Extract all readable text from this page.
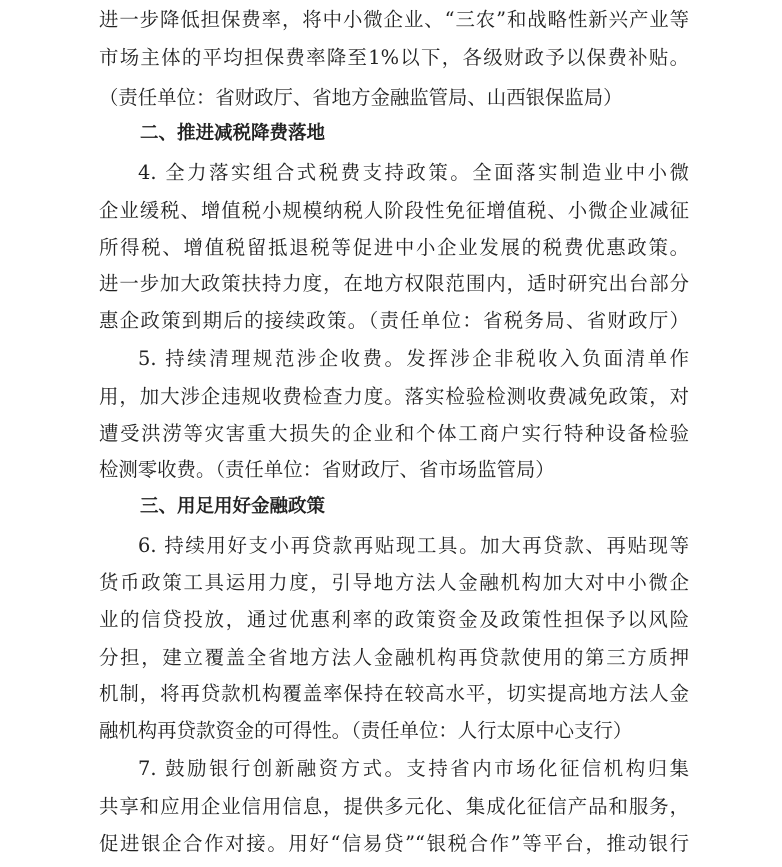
进一步降低担保费率，将中小微企业、“三农”和战略性新兴产业等
市场主体的平均担保费率降至1%以下，各级财政予以保费补贴。
（责任单位：省财政厅、省地方金融监管局、山西银保监局）
二、推进减税降费落地
4. 全力落实组合式税费支持政策。全面落实制造业中小微
企业缓税、增值税小规模纳税人阶段性免征增值税、小微企业减征
所得税、增值税留抵退税等促进中小企业发展的税费优惠政策。
进一步加大政策扶持力度，在地方权限范围内，适时研究出台部分
惠企政策到期后的接续政策。（责任单位：省税务局、省财政厅）
5. 持续清理规范涉企收费。发挥涉企非税收入负面清单作
用，加大涉企违规收费检查力度。落实检验检测收费减免政策，对
遭受洪涝等灾害重大损失的企业和个体工商户实行特种设备检验
检测零收费。（责任单位：省财政厅、省市场监管局）
三、用足用好金融政策
6. 持续用好支小再贷款再贴现工具。加大再贷款、再贴现等
货币政策工具运用力度，引导地方法人金融机构加大对中小微企
业的信贷投放，通过优惠利率的政策资金及政策性担保予以风险
分担，建立覆盖全省地方法人金融机构再贷款使用的第三方质押
机制，将再贷款机构覆盖率保持在较高水平，切实提高地方法人金
融机构再贷款资金的可得性。（责任单位：人行太原中心支行）
7. 鼓励银行创新融资方式。支持省内市场化征信机构归集
共享和应用企业信用信息，提供多元化、集成化征信产品和服务，
促进银企合作对接。用好“信易贷”“银税合作”等平台，推动银行
